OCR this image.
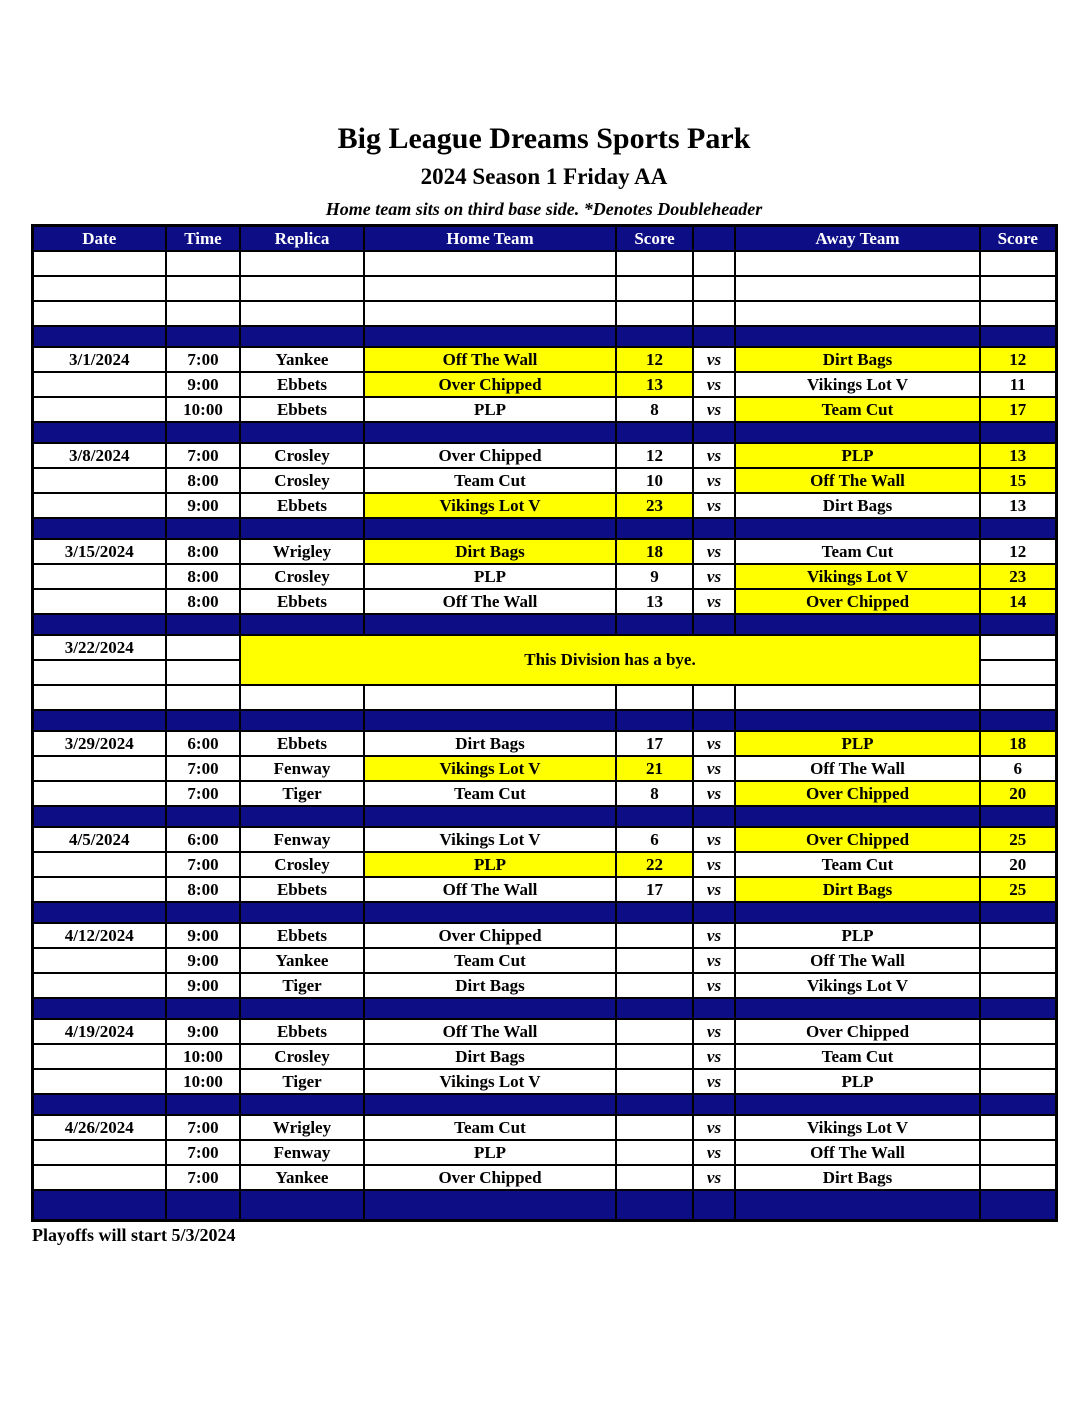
Big League Dreams Sports Park
2024 Season 1 Friday AA
Home team sits on third base side. *Denotes Doubleheader
Date	Time	Replica	Home Team	Score		Away Team	Score

3/1/2024	7:00	Yankee	Off The Wall	12	vs	Dirt Bags	12
	9:00	Ebbets	Over Chipped	13	vs	Vikings Lot V	11
	10:00	Ebbets	PLP	8	vs	Team Cut	17

3/8/2024	7:00	Crosley	Over Chipped	12	vs	PLP	13
	8:00	Crosley	Team Cut	10	vs	Off The Wall	15
	9:00	Ebbets	Vikings Lot V	23	vs	Dirt Bags	13

3/15/2024	8:00	Wrigley	Dirt Bags	18	vs	Team Cut	12
	8:00	Crosley	PLP	9	vs	Vikings Lot V	23
	8:00	Ebbets	Off The Wall	13	vs	Over Chipped	14

3/22/2024		This Division has a bye.					

3/29/2024	6:00	Ebbets	Dirt Bags	17	vs	PLP	18
	7:00	Fenway	Vikings Lot V	21	vs	Off The Wall	6
	7:00	Tiger	Team Cut	8	vs	Over Chipped	20

4/5/2024	6:00	Fenway	Vikings Lot V	6	vs	Over Chipped	25
	7:00	Crosley	PLP	22	vs	Team Cut	20
	8:00	Ebbets	Off The Wall	17	vs	Dirt Bags	25

4/12/2024	9:00	Ebbets	Over Chipped		vs	PLP	
	9:00	Yankee	Team Cut		vs	Off The Wall	
	9:00	Tiger	Dirt Bags		vs	Vikings Lot V	

4/19/2024	9:00	Ebbets	Off The Wall		vs	Over Chipped	
	10:00	Crosley	Dirt Bags		vs	Team Cut	
	10:00	Tiger	Vikings Lot V		vs	PLP	

4/26/2024	7:00	Wrigley	Team Cut		vs	Vikings Lot V	
	7:00	Fenway	PLP		vs	Off The Wall	
	7:00	Yankee	Over Chipped		vs	Dirt Bags	

Playoffs will start 5/3/2024
